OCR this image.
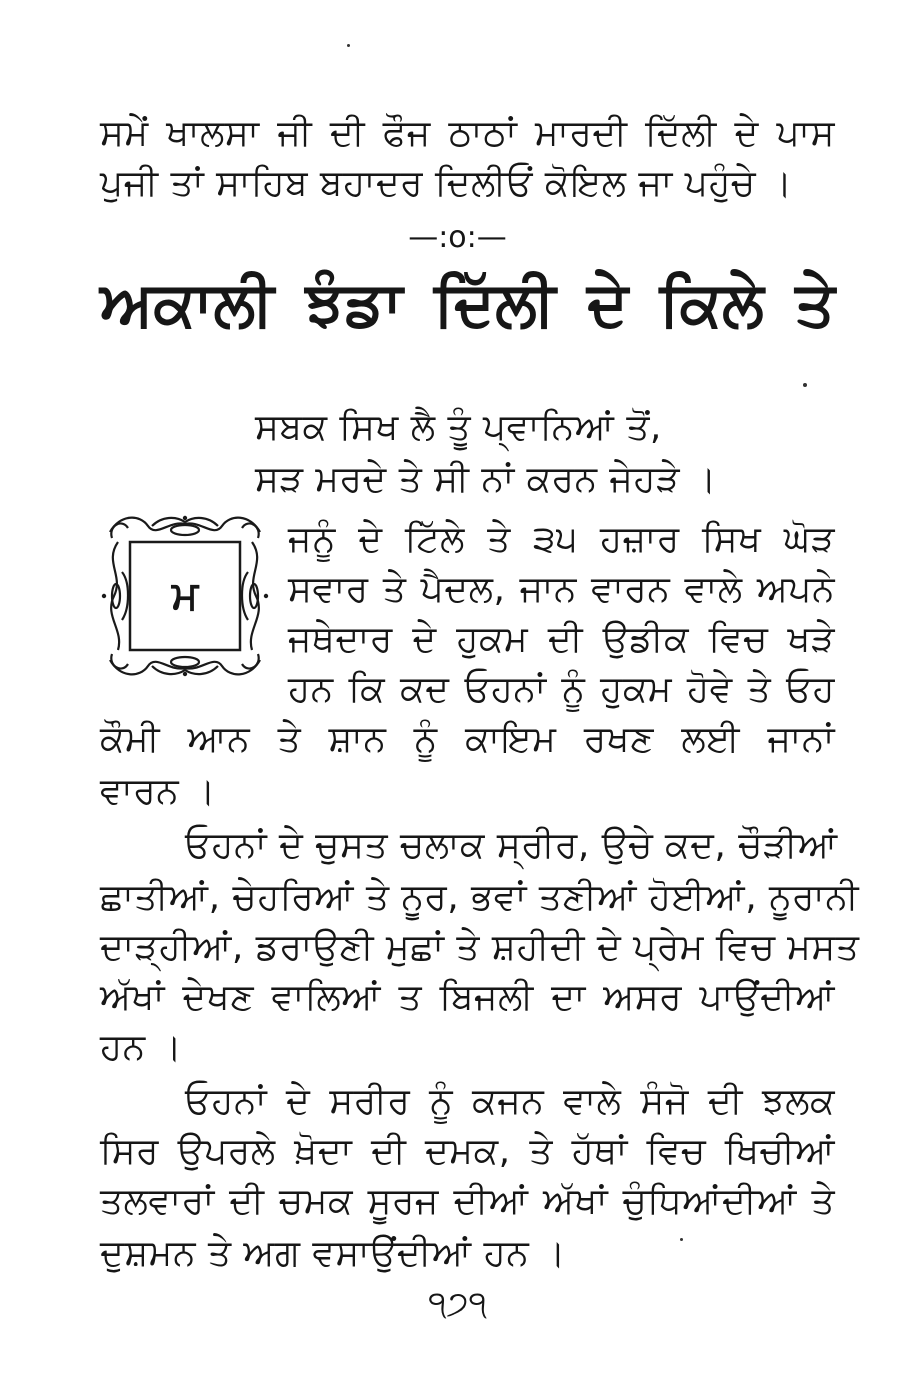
ਸਮੇਂ ਖਾਲਸਾ ਜੀ ਦੀ ਫੌਜ ਠਾਠਾਂ ਮਾਰਦੀ ਦਿੱਲੀ ਦੇ ਪਾਸ
ਪੁਜੀ ਤਾਂ ਸਾਹਿਬ ਬਹਾਦਰ ਦਿਲੀਓਂ ਕੋਇਲ ਜਾ ਪਹੁੰਚੇ ।
—:o:—
ਅਕਾਲੀ ਝੰਡਾ ਦਿੱਲੀ ਦੇ ਕਿਲੇ ਤੇ
ਸਬਕ ਸਿਖ ਲੈ ਤੂੰ ਪ੍ਵਾਨਿਆਂ ਤੋਂ,
ਸੜ ਮਰਦੇ ਤੇ ਸੀ ਨਾਂ ਕਰਨ ਜੇਹੜੇ ।
ਮ
ਜਨੂੰ ਦੇ ਟਿੱਲੇ ਤੇ ੩੫ ਹਜ਼ਾਰ ਸਿਖ ਘੋੜ
ਸਵਾਰ ਤੇ ਪੈਦਲ, ਜਾਨ ਵਾਰਨ ਵਾਲੇ ਅਪਨੇ
ਜਥੇਦਾਰ ਦੇ ਹੁਕਮ ਦੀ ਉਡੀਕ ਵਿਚ ਖੜੇ
ਹਨ ਕਿ ਕਦ ਓਹਨਾਂ ਨੂੰ ਹੁਕਮ ਹੋਵੇ ਤੇ ਓਹ
ਕੌਮੀ ਆਨ ਤੇ ਸ਼ਾਨ ਨੂੰ ਕਾਇਮ ਰਖਣ ਲਈ ਜਾਨਾਂ
ਵਾਰਨ ।
ਓਹਨਾਂ ਦੇ ਚੁਸਤ ਚਲਾਕ ਸ੍ਰੀਰ, ਉਚੇ ਕਦ, ਚੌੜੀਆਂ
ਛਾਤੀਆਂ, ਚੇਹਰਿਆਂ ਤੇ ਨੂਰ, ਭਵਾਂ ਤਣੀਆਂ ਹੋਈਆਂ, ਨੂਰਾਨੀ
ਦਾੜ੍ਹੀਆਂ, ਡਰਾਉਣੀ ਮੁਛਾਂ ਤੇ ਸ਼ਹੀਦੀ ਦੇ ਪ੍ਰੇਮ ਵਿਚ ਮਸਤ
ਅੱਖਾਂ ਦੇਖਣ ਵਾਲਿਆਂ ਤ ਬਿਜਲੀ ਦਾ ਅਸਰ ਪਾਉਂਦੀਆਂ
ਹਨ ।
ਓਹਨਾਂ ਦੇ ਸਰੀਰ ਨੂੰ ਕਜਨ ਵਾਲੇ ਸੰਜੋ ਦੀ ਝਲਕ
ਸਿਰ ਉਪਰਲੇ ਖ਼ੋਦਾ ਦੀ ਦਮਕ, ਤੇ ਹੱਥਾਂ ਵਿਚ ਖਿਚੀਆਂ
ਤਲਵਾਰਾਂ ਦੀ ਚਮਕ ਸੂਰਜ ਦੀਆਂ ਅੱਖਾਂ ਚੁੰਧਿਆਂਦੀਆਂ ਤੇ
ਦੁਸ਼ਮਨ ਤੇ ਅਗ ਵਸਾਉਂਦੀਆਂ ਹਨ ।
੧੭੧
